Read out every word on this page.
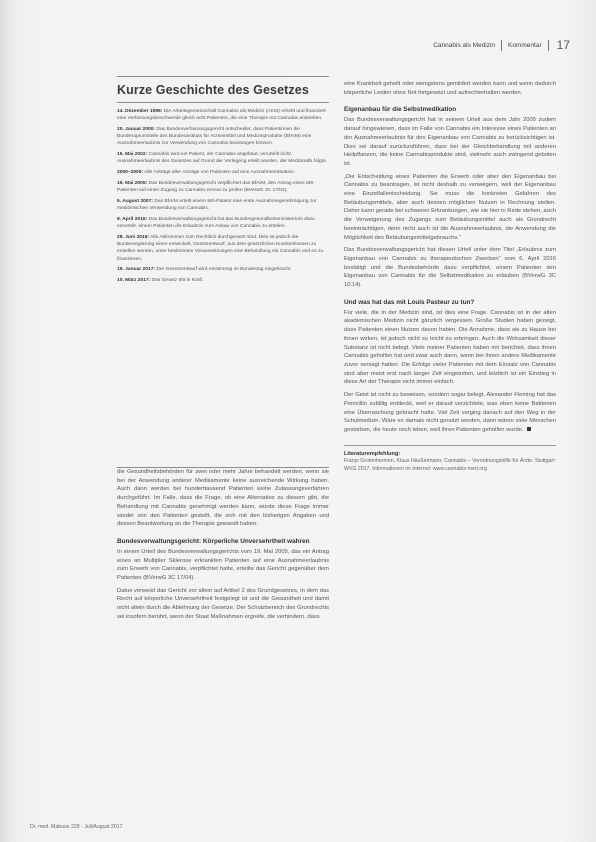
Cannabis als Medizin Kommentar 17
Kurze Geschichte des Gesetzes

14. Dezember 1999: Die Arbeitsgemeinschaft Cannabis als Medizin (ACM) erhebt und finanziert eine Verfassungsbeschwerde gleich acht Patienten, die eine Therapie mit Cannabis anstreben.

20. Januar 2000: Das Bundesverfassungsgericht entscheidet, dass Patientinnen die Bundesopiumstelle des Bundesinstituts für Arzneimittel und Medizinprodukte (BfArM) eine Ausnahmeerlaubnis zur Verwendung von Cannabis beantragen können.

15. Mai 2002: Cannabis wird ein Patient, der Cannabis angebaut, verurteilt nicht. Ausnahmeerlaubnis des Gesetzes auf Grund der Verlegeng erteilt worden, der Medizinalls folgte.

2000–2005: Alle Anträge aller Anträge von Patienten auf eine Ausnahmeerlaubnis.

19. Mai 2005: Das Bundesverwaltungsgericht verpflichtet das BfArM, den Antrag eines MS-Patienten auf einen Zugang zu Cannabis erneut zu prüfen (BVerwG 3C 17/04).

5. August 2007: Das BfArM erteilt einem MS-Patient eine erste Ausnahmegenehmigung zur medizinischen Verwendung von Cannabis.

8. April 2016: Das Bundesverwaltungsgericht hat das Bundesgesundheitsministerium dazu verurteilt, einem Patienten die Erlaubnis zum Anbau von Cannabis zu erteilen.

28. Juni 2016: Alle Abkommen zum Rechtlich durchgesetzt sind. Dies ist jedoch die Bundesregierung einen entwickelt, Gesetzentwurf, aus dem gesetzlichen Krankenkassen zu erstellen werden, unter bestimmten Voraussetzungen eine Behandlung mit Cannabis und es zu finanzieren.

19. Januar 2017: Der Gesetzentwurf wird einstimmig im Bundestag eingebracht.

10. März 2017: Das Gesetz tritt in Kraft.

die Gesundheitsbehörden für zwei oder mehr Jahre behandelt werden, wenn sie bei der Anwendung anderer Medikamente keine ausreichende Wirkung haben. Auch dann werden bei hunderttausend Patienten keine Zulassungsverfahren durchgeführt. Im Falle, dass die Frage, ob eine Alternative zu diesem gibt, die Behandlung mit Cannabis genehmigt werden kann, wurde diese Frage immer wieder von den Patienten gestellt, die sich mit den bisherigen Angaben und dessen Beantwortung an die Therapie gewandt haben.

Bundesverwaltungsgericht: Körperliche Unversehrtheit wahren

In einem Urteil des Bundesverwaltungsgerichts vom 19. Mai 2005, das ein Antrag eines an Multipler Sklerose erkrankten Patienten auf eine Ausnahmeerlaubnis zum Erwerb von Cannabis, verpflichtet hatte, erteilte das Gericht gegenüber dem Patienten (BVerwG 3C 17/04).

Dabei verweist das Gericht vor allem auf Artikel 2 des Grundgesetzes, in dem das Recht auf körperliche Unversehrtheit festgelegt ist und die Gesundheit und damit nicht allein durch die Ablehnung der Gesetze. Der Schutzbereich des Grundrechts sei insofern berührt, wenn der Staat Maßnahmen ergreife, die verhindern, dass

eine Krankheit geheilt oder wenigstens gemildert werden kann und wenn dadurch körperliche Leiden ohne Not fortgesetzt und aufrechterhalten werden.

Eigenanbau für die Selbstmedikation

Das Bundesverwaltungsgericht hat in seinem Urteil aus dem Jahr 2005 zudem darauf hingewiesen, dass im Falle von Cannabis ein Interesse eines Patienten an der Ausnahmeerlaubnis für den Eigenanbau von Cannabis zu berücksichtigen ist. Dies sei darauf zurückzuführen, dass bei der Gleichbehandlung mit anderen Heilpflanzen, die keine Cannabisprodukte sind, vielmehr auch zwingend geboten ist.

„Die Entscheidung eines Patienten die Erwerb oder aber den Eigenanbau bei Cannabis zu beantragen, ist nicht deshalb zu verweigern, weil der Eigenanbau eine Einzelfallentscheidung. Sie muss die konkreten Gefahren des Betäubungsmittels, aber auch dessen möglichen Nutzen in Rechnung stellen. Daher kann gerade bei schweren Erkrankungen, wie sie hier in Rede stehen, auch die Verweigerung des Zugangs zum Betäubungsmittel auch als Grundrecht beeinträchtigen, denn nicht auch ist die Ausnahmeerlaubnis, die Anwendung die Möglichkeit des Betäubungsmittelgebrauchs.“

Das Bundesverwaltungsgericht hat diesen Urteil unter dem Titel „Erlaubnis zum Eigenanbau von Cannabis zu therapeutischen Zwecken“ vom 6. April 2016 bestätigt und die Bundesbehörde dazu verpflichtet, einem Patienten den Eigenanbau von Cannabis für die Selbstmedikation zu erlauben (BVerwG 3C 10.14).

Und was hat das mit Louis Pasteur zu tun?

Für viele, die in der Medizin sind, ist dies eine Frage. Cannabis ist in der alten akademischen Medizin nicht gänzlich vergessen. Große Studien haben gezeigt, dass Patienten einen Nutzen davon haben. Die Annahme, dass sie zu Hause bei ihnen wirken, ist jedoch nicht so leicht zu erbringen. Auch die Wirksamkeit dieser Substanz ist nicht belegt. Viele meiner Patienten haben mir berichtet, dass ihnen Cannabis geholfen hat und zwar auch dann, wenn bei ihnen andere Medikamente zuvor versagt hatten. Die Erfolge vieler Patienten mit dem Einsatz von Cannabis sind aber meist erst nach langer Zeit eingetreten, und letztlich ist ein Einstieg in diese Art der Therapie nicht immer einfach.

Der Geist ist nicht zu beweisen, sondern sogar belegt. Alexander Fleming hat das Penicillin zufällig entdeckt, weil er darauf verzichtete, was eben keine Bakterien eine Überraschung gebracht hatte. Viel Zeit verging danach auf den Weg in der Schulmedizin. Wäre es damals nicht genutzt worden, dann wären viele Menschen gestorben, die heute noch leben, weil ihren Patienten geholfen wurde.

Literaturempfehlung:
Franjo Grotenhermen, Klaus Häußermann: Cannabis – Verordnungshilfe für Ärzte. Stuttgart: WVG 2017. Informationen im Internet: www.cannabis-med.org
Dr. med. Mabuse 228 · Juli/August 2017
